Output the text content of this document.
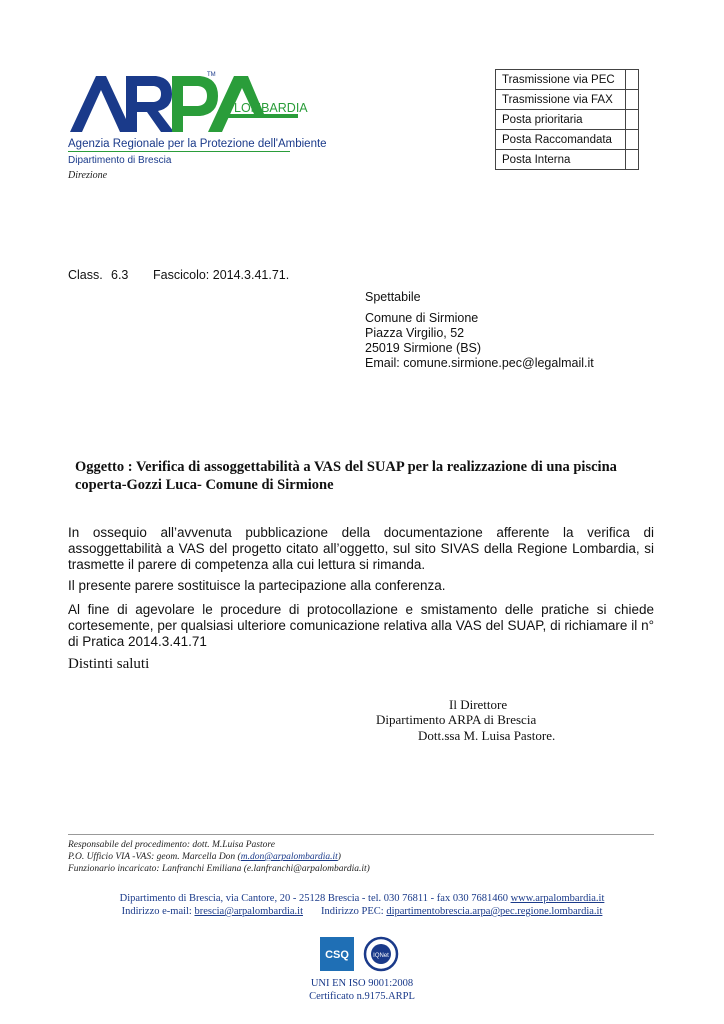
TM
LOMBARDIA
Agenzia Regionale per la Protezione dell'Ambiente
Dipartimento di Brescia
Direzione
Trasmissione via PEC	
Trasmissione via FAX	
Posta prioritaria	
Posta Raccomandata	
Posta Interna	
Class. 6.3 Fascicolo: 2014.3.41.71.
Spettabile
Comune di Sirmione
Piazza Virgilio, 52
25019 Sirmione (BS)
Email: comune.sirmione.pec@legalmail.it
Oggetto : Verifica di assoggettabilità a VAS del SUAP per la realizzazione di una piscina coperta-Gozzi Luca- Comune di Sirmione
In ossequio all’avvenuta pubblicazione della documentazione afferente la verifica di assoggettabilità a VAS del progetto citato all’oggetto, sul sito SIVAS della Regione Lombardia, si trasmette il parere di competenza alla cui lettura si rimanda.
Il presente parere sostituisce la partecipazione alla conferenza.
Al fine di agevolare le procedure di protocollazione e smistamento delle pratiche si chiede cortesemente, per qualsiasi ulteriore comunicazione relativa alla VAS del SUAP, di richiamare il n° di Pratica 2014.3.41.71
Distinti saluti
Il Direttore
Dipartimento ARPA di Brescia
Dott.ssa M. Luisa Pastore.
Responsabile del procedimento: dott. M.Luisa Pastore
P.O. Ufficio VIA -VAS: geom. Marcella Don (m.don@arpalombardia.it)
Funzionario incaricato: Lanfranchi Emiliana (e.lanfranchi@arpalombardia.it)
Dipartimento di Brescia, via Cantore, 20 - 25128 Brescia - tel. 030 76811 - fax 030 7681460 www.arpalombardia.it
Indirizzo e-mail: brescia@arpalombardia.it Indirizzo PEC: dipartimentobrescia.arpa@pec.regione.lombardia.it
CSQ	IQNet
UNI EN ISO 9001:2008
Certificato n.9175.ARPL
